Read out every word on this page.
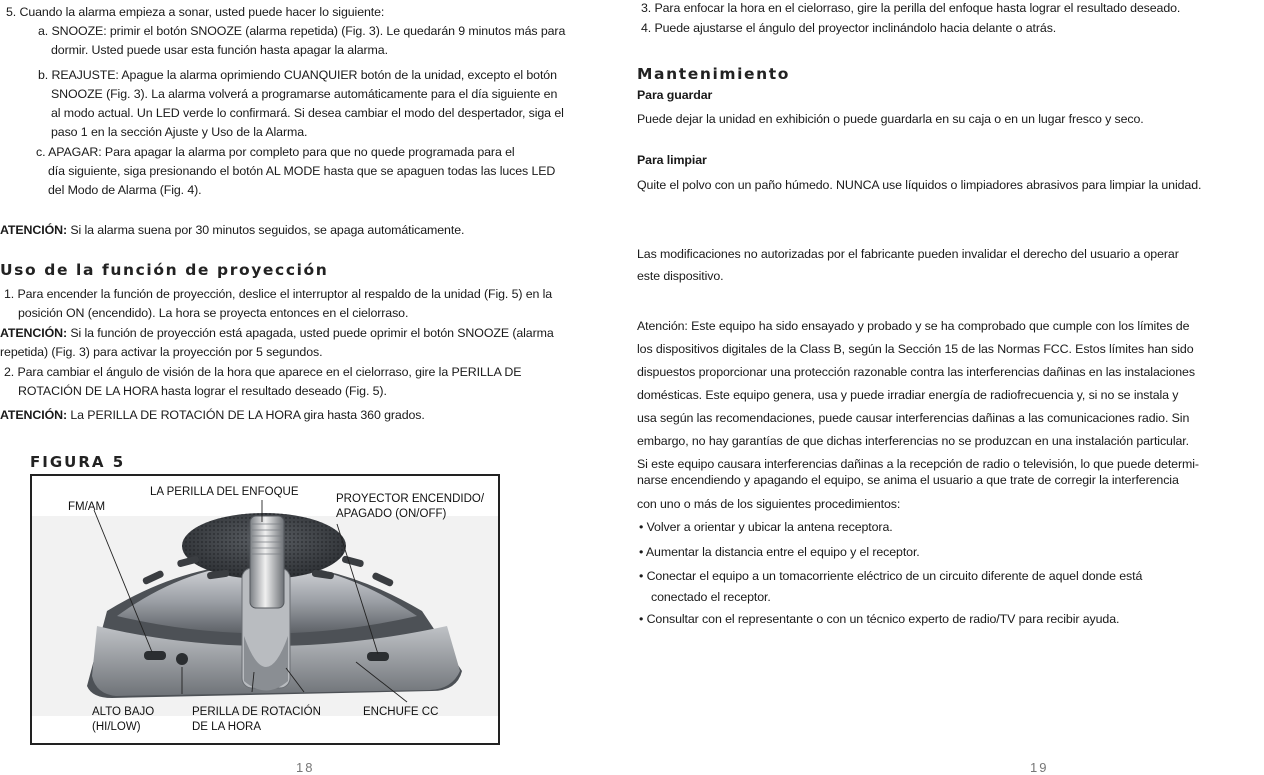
5. Cuando la alarma empieza a sonar, usted puede hacer lo siguiente:
a. SNOOZE: primir el botón SNOOZE (alarma repetida) (Fig. 3). Le quedarán 9 minutos más para
dormir. Usted puede usar esta función hasta apagar la alarma.
b. REAJUSTE: Apague la alarma oprimiendo CUANQUIER botón de la unidad, excepto el botón
SNOOZE (Fig. 3). La alarma volverá a programarse automáticamente para el día siguiente en
al modo actual. Un LED verde lo confirmará. Si desea cambiar el modo del despertador, siga el
paso 1 en la sección Ajuste y Uso de la Alarma.
c. APAGAR: Para apagar la alarma por completo para que no quede programada para el
día siguiente, siga presionando el botón AL MODE hasta que se apaguen todas las luces LED
del Modo de Alarma (Fig. 4).
ATENCIÓN: Si la alarma suena por 30 minutos seguidos, se apaga automáticamente.
Uso de la función de proyección
1. Para encender la función de proyección, deslice el interruptor al respaldo de la unidad (Fig. 5) en la
posición ON (encendido). La hora se proyecta entonces en el cielorraso.
ATENCIÓN: Si la función de proyección está apagada, usted puede oprimir el botón SNOOZE (alarma
repetida) (Fig. 3) para activar la proyección por 5 segundos.
2. Para cambiar el ángulo de visión de la hora que aparece en el cielorraso, gire la PERILLA DE
ROTACIÓN DE LA HORA hasta lograr el resultado deseado (Fig. 5).
ATENCIÓN: La PERILLA DE ROTACIÓN DE LA HORA gira hasta 360 grados.
FIGURA 5
FM/AM
LA PERILLA DEL ENFOQUE
PROYECTOR ENCENDIDO/
APAGADO (ON/OFF)
ALTO BAJO
(HI/LOW)
PERILLA DE ROTACIÓN
DE LA HORA
ENCHUFE CC
18
3. Para enfocar la hora en el cielorraso, gire la perilla del enfoque hasta lograr el resultado deseado.
4. Puede ajustarse el ángulo del proyector inclinándolo hacia delante o atrás.
Mantenimiento
Para guardar
Puede dejar la unidad en exhibición o puede guardarla en su caja o en un lugar fresco y seco.
Para limpiar
Quite el polvo con un paño húmedo. NUNCA use líquidos o limpiadores abrasivos para limpiar la unidad.
Las modificaciones no autorizadas por el fabricante pueden invalidar el derecho del usuario a operar
este dispositivo.
Atención: Este equipo ha sido ensayado y probado y se ha comprobado que cumple con los límites de
los dispositivos digitales de la Class B, según la Sección 15 de las Normas FCC. Estos límites han sido
dispuestos proporcionar una protección razonable contra las interferencias dañinas en las instalaciones
domésticas. Este equipo genera, usa y puede irradiar energía de radiofrecuencia y, si no se instala y
usa según las recomendaciones, puede causar interferencias dañinas a las comunicaciones radio. Sin
embargo, no hay garantías de que dichas interferencias no se produzcan en una instalación particular.
Si este equipo causara interferencias dañinas a la recepción de radio o televisión, lo que puede determi-
narse encendiendo y apagando el equipo, se anima el usuario a que trate de corregir la interferencia
con uno o más de los siguientes procedimientos:
• Volver a orientar y ubicar la antena receptora.
• Aumentar la distancia entre el equipo y el receptor.
• Conectar el equipo a un tomacorriente eléctrico de un circuito diferente de aquel donde está
conectado el receptor.
• Consultar con el representante o con un técnico experto de radio/TV para recibir ayuda.
19
